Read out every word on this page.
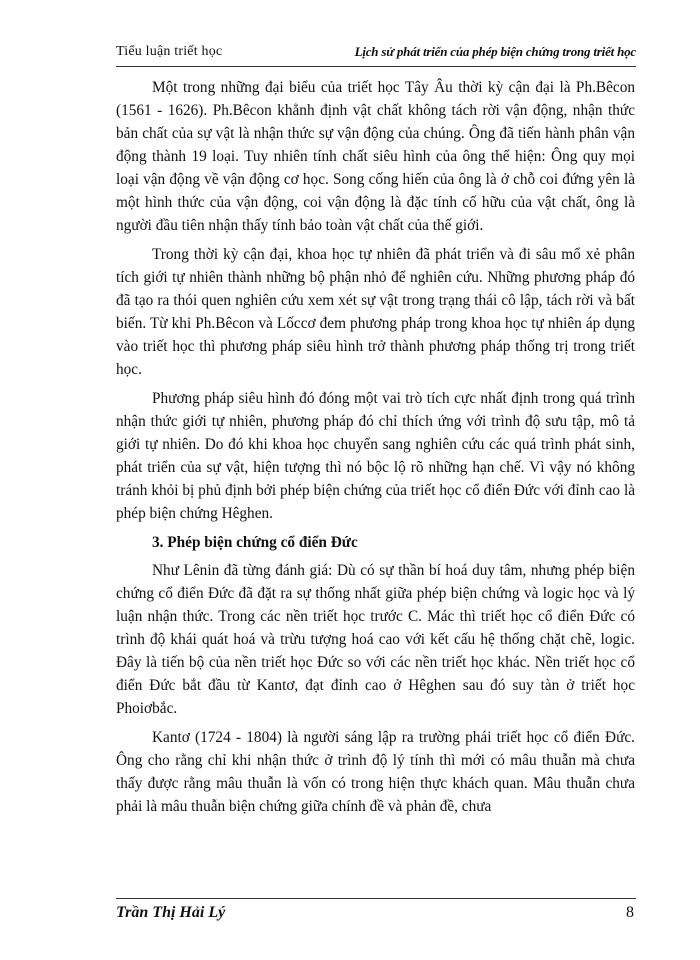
Tiểu luận triết học	Lịch sử phát triển của phép biện chứng trong triết học

Một trong những đại biểu của triết học Tây Âu thời kỳ cận đại là Ph.Bêcon (1561 - 1626). Ph.Bêcon khẳnh định vật chất không tách rời vận động, nhận thức bản chất của sự vật là nhận thức sự vận động của chúng. Ông đã tiến hành phân vận động thành 19 loại. Tuy nhiên tính chất siêu hình của ông thể hiện: Ông quy mọi loại vận động về vận động cơ học. Song cống hiến của ông là ở chỗ coi đứng yên là một hình thức của vận động, coi vận động là đặc tính cố hữu của vật chất, ông là người đầu tiên nhận thấy tính bảo toàn vật chất của thế giới.

Trong thời kỳ cận đại, khoa học tự nhiên đã phát triển và đi sâu mổ xẻ phân tích giới tự nhiên thành những bộ phận nhỏ để nghiên cứu. Những phương pháp đó đã tạo ra thói quen nghiên cứu xem xét sự vật trong trạng thái cô lập, tách rời và bất biến. Từ khi Ph.Bêcon và Lốccơ đem phương pháp trong khoa học tự nhiên áp dụng vào triết học thì phương pháp siêu hình trở thành phương pháp thống trị trong triết học.

Phương pháp siêu hình đó đóng một vai trò tích cực nhất định trong quá trình nhận thức giới tự nhiên, phương pháp đó chỉ thích ứng với trình độ sưu tập, mô tả giới tự nhiên. Do đó khi khoa học chuyển sang nghiên cứu các quá trình phát sinh, phát triển của sự vật, hiện tượng thì nó bộc lộ rõ những hạn chế. Vì vậy nó không tránh khỏi bị phủ định bởi phép biện chứng của triết học cổ điển Đức với đỉnh cao là phép biện chứng Hêghen.

3. Phép biện chứng cổ điển Đức

Như Lênin đã từng đánh giá: Dù có sự thần bí hoá duy tâm, nhưng phép biện chứng cổ điển Đức đã đặt ra sự thống nhất giữa phép biện chứng và logic học và lý luận nhận thức. Trong các nền triết học trước C. Mác thì triết học cổ điển Đức có trình độ khái quát hoá và trừu tượng hoá cao với kết cấu hệ thống chặt chẽ, logic. Đây là tiến bộ của nền triết học Đức so với các nền triết học khác. Nền triết học cổ điển Đức bắt đầu từ Kantơ, đạt đỉnh cao ở Hêghen sau đó suy tàn ở triết học Phoiơbắc.

Kantơ (1724 - 1804) là người sáng lập ra trường phái triết học cổ điển Đức. Ông cho rằng chỉ khi nhận thức ở trình độ lý tính thì mới có mâu thuẫn mà chưa thấy được rằng mâu thuẫn là vốn có trong hiện thực khách quan. Mâu thuẫn chưa phải là mâu thuẫn biện chứng giữa chính đề và phản đề, chưa

Trần Thị Hải Lý	8
